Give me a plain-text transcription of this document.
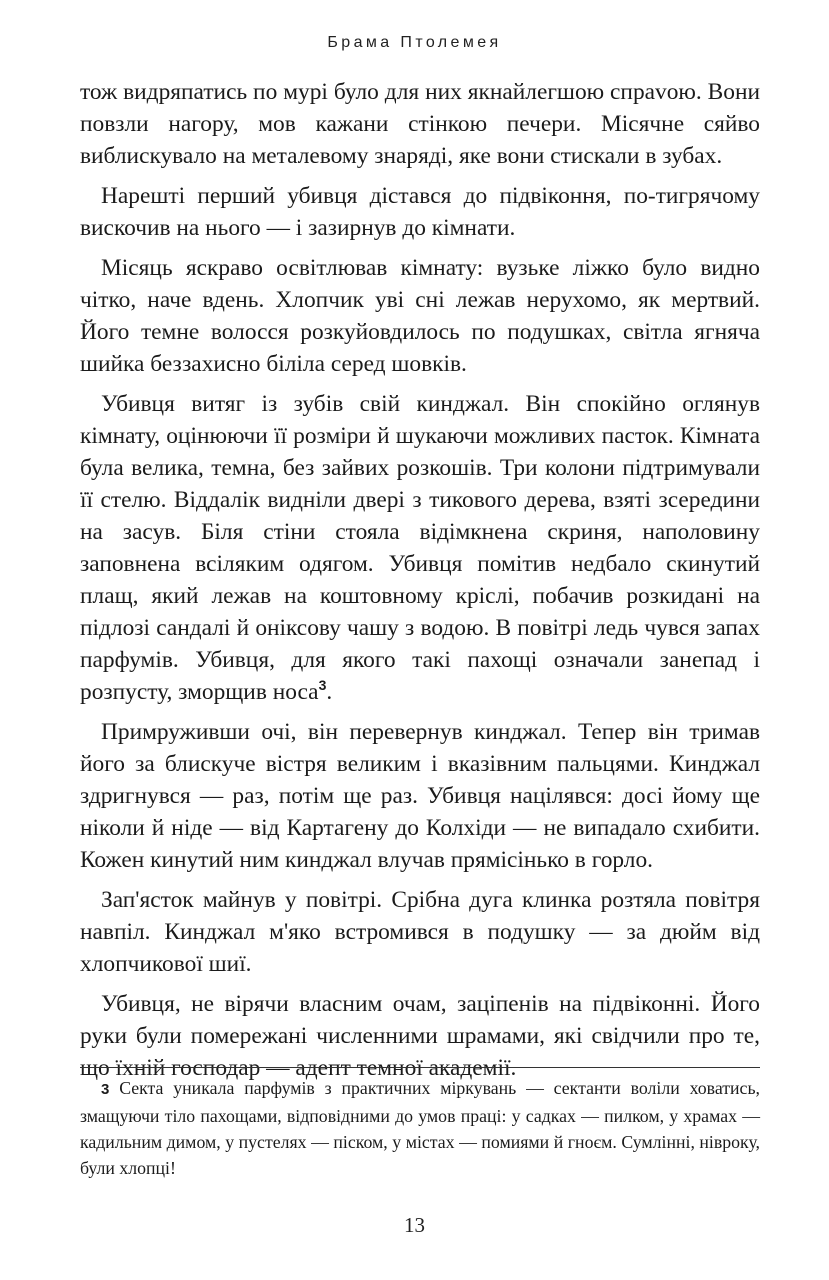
Брама Птолемея

тож видряпатись по мурі було для них якнайлегшою спраvою. Вони повзли нагору, мов кажани стінкою печери. Місячне сяйво виблискувало на металевому знаряді, яке вони стискали в зубах.

Нарешті перший убивця дістався до підвіконня, по-тигрячому вискочив на нього — і зазирнув до кімнати.

Місяць яскраво освітлював кімнату: вузьке ліжко було видно чітко, наче вдень. Хлопчик уві сні лежав нерухомо, як мертвий. Його темне волосся розкуйовдилось по подушках, світла ягняча шийка беззахисно біліла серед шовків.

Убивця витяг із зубів свій кинджал. Він спокійно оглянув кімнату, оцінюючи її розміри й шукаючи можливих пасток. Кімната була велика, темна, без зайвих розкошів. Три колони підтримували її стелю. Віддалік видніли двері з тикового дерева, взяті зсередини на засув. Біля стіни стояла відімкнена скриня, наполовину заповнена всіляким одягом. Убивця помітив недбало скинутий плащ, який лежав на коштовному кріслі, побачив розкидані на підлозі сандалі й оніксову чашу з водою. В повітрі ледь чувся запах парфумів. Убивця, для якого такі пахощі означали занепад і розпусту, зморщив носа$^3$.

Примруживши очі, він перевернув кинджал. Тепер він тримав його за блискуче вістря великим і вказівним пальцями. Кинджал здригнувся — раз, потім ще раз. Убивця націлявся: досі йому ще ніколи й ніде — від Картагену до Колхіди — не випадало схибити. Кожен кинутий ним кинджал влучав прямісінько в горло.

Зап'ясток майнув у повітрі. Срібна дуга клинка розтяла повітря навпіл. Кинджал м'яко встромився в подушку — за дюйм від хлопчикової шиї.

Убивця, не вірячи власним очам, заціпенів на підвіконні. Його руки були помережані численними шрамами, які свідчили про те, що їхній господар — адепт темної академії.

3 Секта уникала парфумів з практичних міркувань — сектанти воліли ховатись, змащуючи тіло пахощами, відповідними до умов праці: у садках — пилком, у храмах — кадильним димом, у пустелях — піском, у містах — помиями й гноєм. Сумлінні, нівроку, були хлопці!

13
